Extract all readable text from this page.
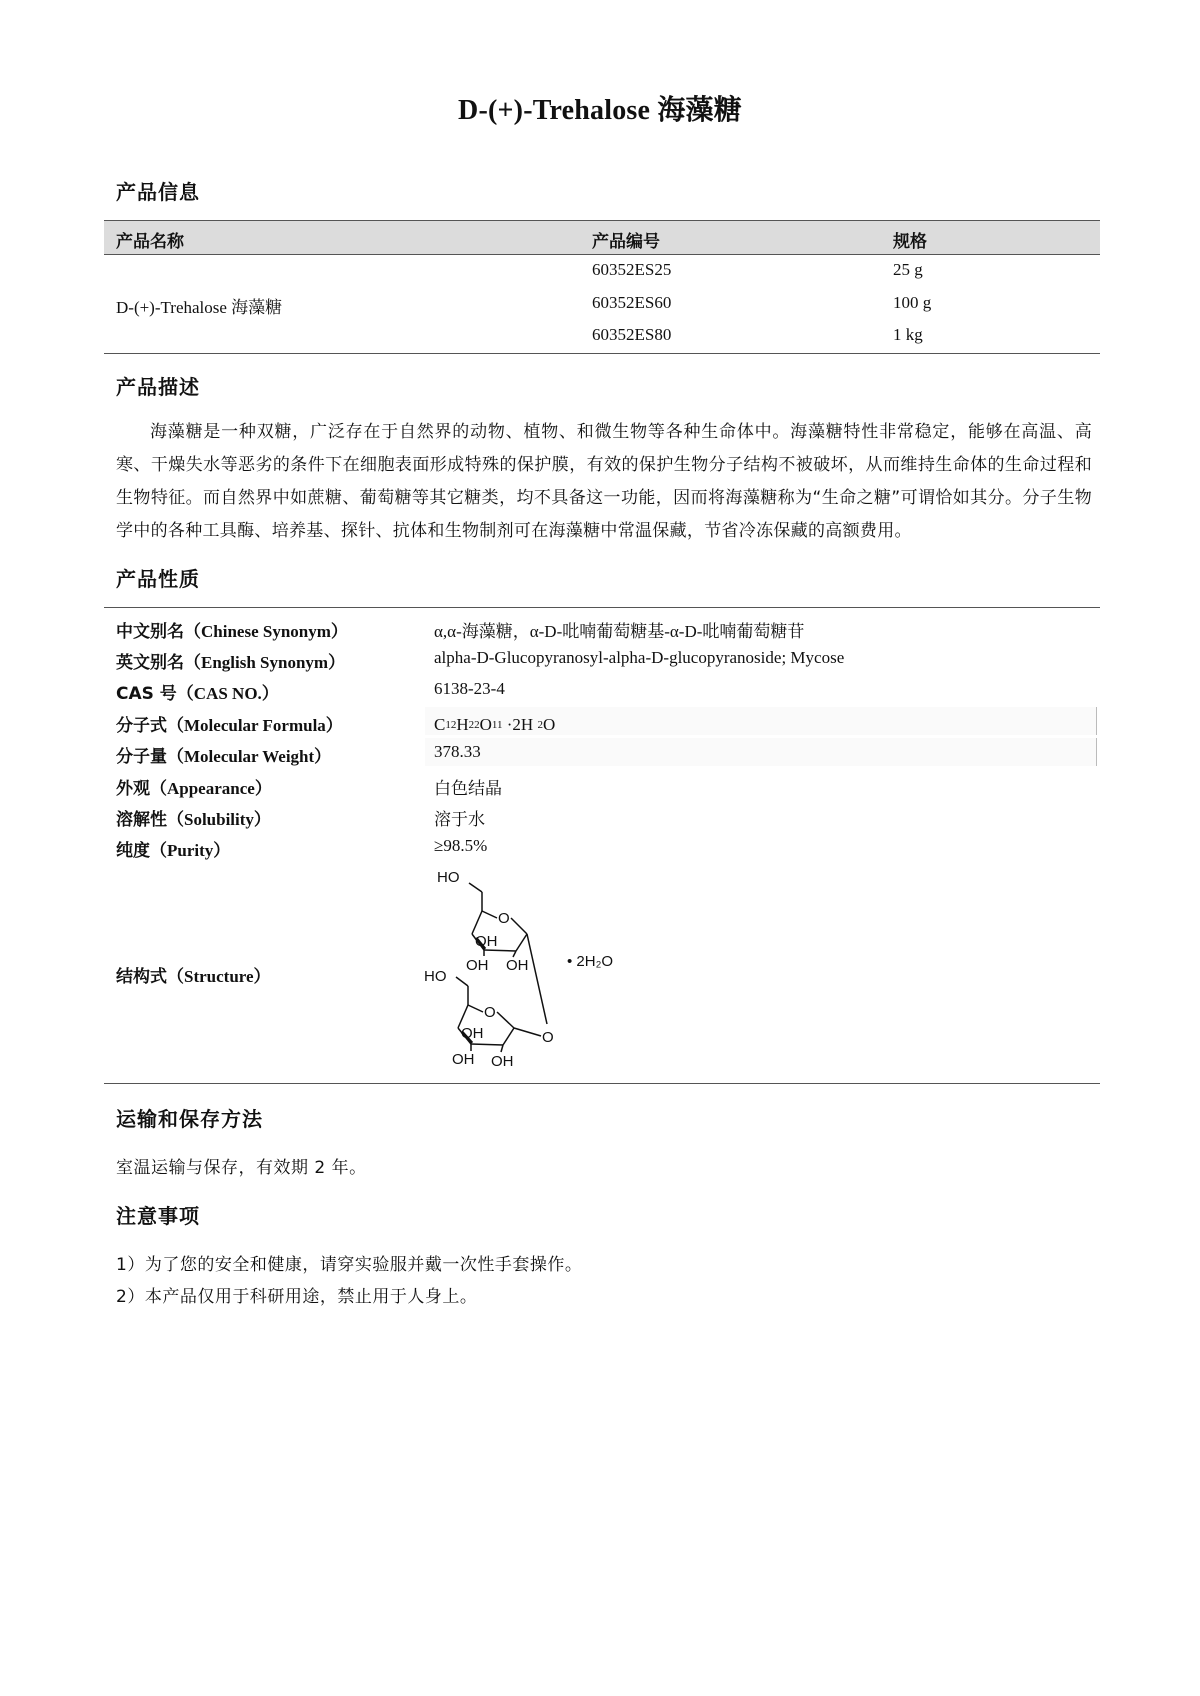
D-(+)-Trehalose 海藻糖
产品信息
产品名称	产品编号	规格
D-(+)-Trehalose 海藻糖
60352ES25	25 g
60352ES60	100 g
60352ES80	1 kg
产品描述

海藻糖是一种双糖，广泛存在于自然界的动物、植物、和微生物等各种生命体中。海藻糖特性非常稳定，能够在高温、高寒、干燥失水等恶劣的条件下在细胞表面形成特殊的保护膜，有效的保护生物分子结构不被破坏，从而维持生命体的生命过程和生物特征。而自然界中如蔗糖、葡萄糖等其它糖类，均不具备这一功能，因而将海藻糖称为“生命之糖”可谓恰如其分。分子生物学中的各种工具酶、培养基、探针、抗体和生物制剂可在海藻糖中常温保藏，节省冷冻保藏的高额费用。

产品性质
中文别名（Chinese Synonym）	α,α-海藻糖，α-D-吡喃葡萄糖基-α-D-吡喃葡萄糖苷
英文别名（English Synonym）	alpha-D-Glucopyranosyl-alpha-D-glucopyranoside; Mycose
CAS 号（CAS NO.）	6138-23-4
分子式（Molecular Formula）	$C_{12}H_{22}O_{11} \cdot 2H$ $_2$O
分子量（Molecular Weight）	378.33
外观（Appearance）	白色结晶
溶解性（Solubility）	溶于水
纯度（Purity）	≥98.5%
结构式（Structure）
HO
O
OH
OH OH	• 2H₂O
HO
O
OH
OH OH
O
运输和保存方法

室温运输与保存，有效期 2 年。

注意事项

1）为了您的安全和健康，请穿实验服并戴一次性手套操作。

2）本产品仅用于科研用途，禁止用于人身上。
